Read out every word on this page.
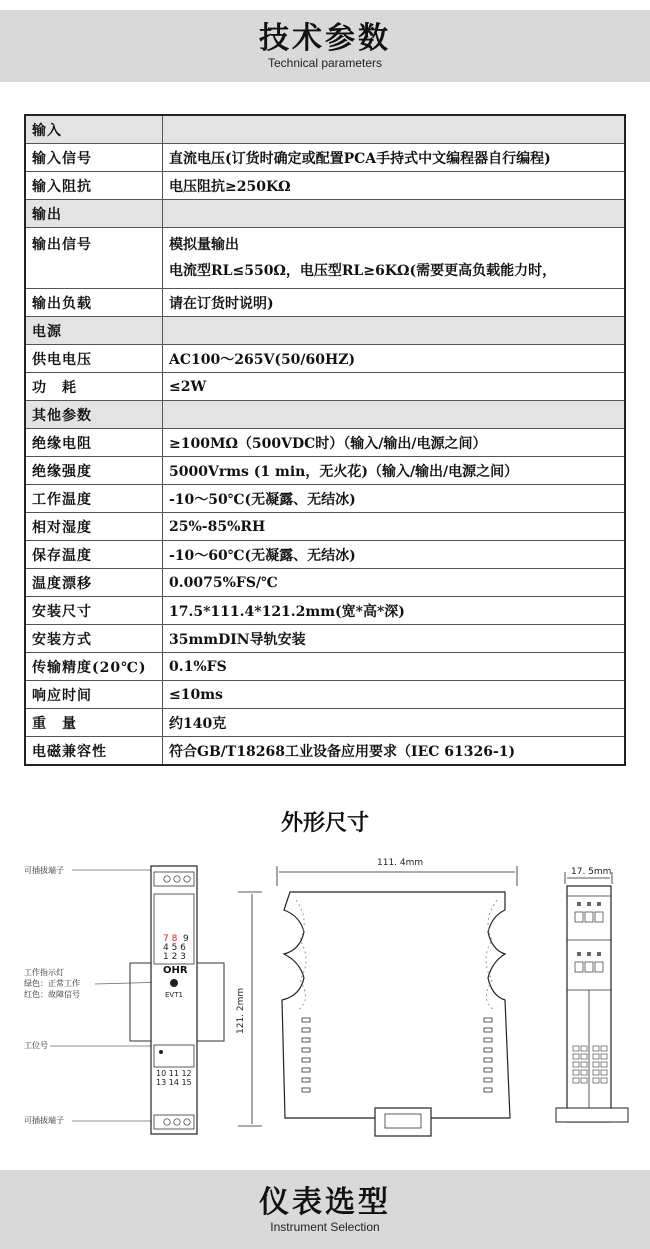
技术参数
Technical parameters
输入	
输入信号	直流电压(订货时确定或配置PCA手持式中文编程器自行编程)
输入阻抗	电压阻抗≥250KΩ
输出	
输出信号	模拟量输出
电流型RL≤550Ω，电压型RL≥6KΩ(需要更高负载能力时，

输出负载	请在订货时说明)
电源	
供电电压	AC100～265V(50/60HZ)
功　耗	≤2W
其他参数	
绝缘电阻	≥100MΩ（500VDC时）（输入/输出/电源之间）
绝缘强度	5000Vrms (1 min，无火花)（输入/输出/电源之间）
工作温度	-10～50℃(无凝露、无结冰)
相对湿度	25%-85%RH
保存温度	-10～60℃(无凝露、无结冰)
温度漂移	0.0075%FS/℃
安装尺寸	17.5*111.4*121.2mm(宽*高*深)
安装方式	35mmDIN导轨安装
传输精度(20℃)	0.1%FS
响应时间	≤10ms
重　量	约140克
电磁兼容性	符合GB/T18268工业设备应用要求（IEC 61326-1)
外形尺寸
可插拔端子
工作指示灯
绿色：正常工作
红色：故障信号
工位号
可插拔端子
7 8 9
4 5 6
1 2 3
OHR
EVT1
10 11 12
13 14 15
111. 4mm
121. 2mm
17. 5mm
仪表选型
Instrument Selection
